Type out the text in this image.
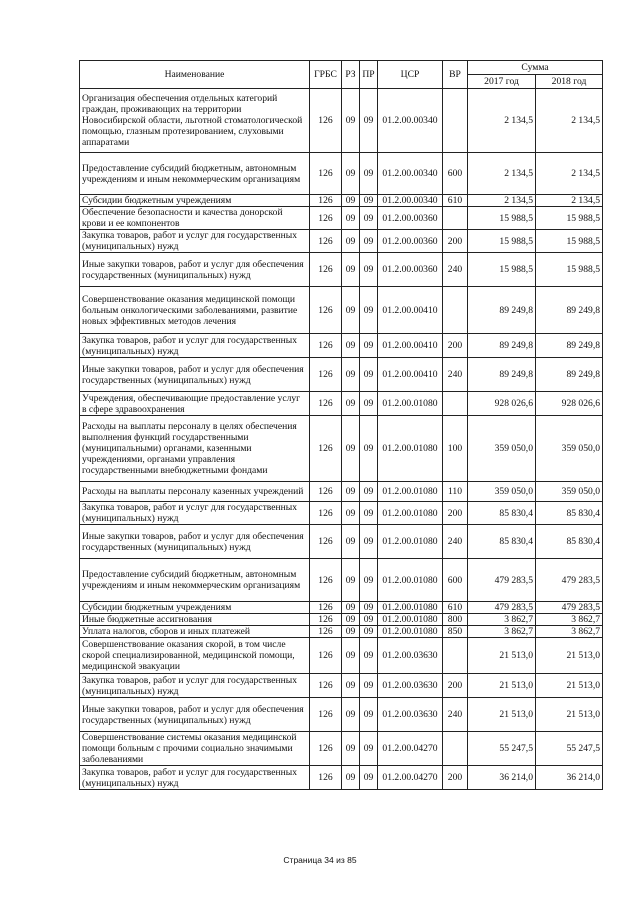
Наименование	ГРБС	РЗ	ПР	ЦСР	ВР	Сумма	
						2017 год	2018 год
Организация обеспечения отдельных категорий граждан, проживающих на территории Новосибирской области, льготной стоматологической помощью, глазным протезированием, слуховыми аппаратами	126	09	09	01.2.00.00340		2 134,5	2 134,5
Предоставление субсидий бюджетным, автономным учреждениям и иным некоммерческим организациям	126	09	09	01.2.00.00340	600	2 134,5	2 134,5
Субсидии бюджетным учреждениям	126	09	09	01.2.00.00340	610	2 134,5	2 134,5
Обеспечение безопасности и качества донорской крови и ее компонентов	126	09	09	01.2.00.00360		15 988,5	15 988,5
Закупка товаров, работ и услуг для государственных (муниципальных) нужд	126	09	09	01.2.00.00360	200	15 988,5	15 988,5
Иные закупки товаров, работ и услуг для обеспечения государственных (муниципальных) нужд	126	09	09	01.2.00.00360	240	15 988,5	15 988,5
Совершенствование оказания медицинской помощи больным онкологическими заболеваниями, развитие новых эффективных методов лечения	126	09	09	01.2.00.00410		89 249,8	89 249,8
Закупка товаров, работ и услуг для государственных (муниципальных) нужд	126	09	09	01.2.00.00410	200	89 249,8	89 249,8
Иные закупки товаров, работ и услуг для обеспечения государственных (муниципальных) нужд	126	09	09	01.2.00.00410	240	89 249,8	89 249,8
Учреждения, обеспечивающие предоставление услуг в сфере здравоохранения	126	09	09	01.2.00.01080		928 026,6	928 026,6
Расходы на выплаты персоналу в целях обеспечения выполнения функций государственными (муниципальными) органами, казенными учреждениями, органами управления государственными внебюджетными фондами	126	09	09	01.2.00.01080	100	359 050,0	359 050,0
Расходы на выплаты персоналу казенных учреждений	126	09	09	01.2.00.01080	110	359 050,0	359 050,0
Закупка товаров, работ и услуг для государственных (муниципальных) нужд	126	09	09	01.2.00.01080	200	85 830,4	85 830,4
Иные закупки товаров, работ и услуг для обеспечения государственных (муниципальных) нужд	126	09	09	01.2.00.01080	240	85 830,4	85 830,4
Предоставление субсидий бюджетным, автономным учреждениям и иным некоммерческим организациям	126	09	09	01.2.00.01080	600	479 283,5	479 283,5
Субсидии бюджетным учреждениям	126	09	09	01.2.00.01080	610	479 283,5	479 283,5
Иные бюджетные ассигнования	126	09	09	01.2.00.01080	800	3 862,7	3 862,7
Уплата налогов, сборов и иных платежей	126	09	09	01.2.00.01080	850	3 862,7	3 862,7
Совершенствование оказания скорой, в том числе скорой специализированной, медицинской помощи, медицинской эвакуации	126	09	09	01.2.00.03630		21 513,0	21 513,0
Закупка товаров, работ и услуг для государственных (муниципальных) нужд	126	09	09	01.2.00.03630	200	21 513,0	21 513,0
Иные закупки товаров, работ и услуг для обеспечения государственных (муниципальных) нужд	126	09	09	01.2.00.03630	240	21 513,0	21 513,0
Совершенствование системы оказания медицинской помощи больным с прочими социально значимыми заболеваниями	126	09	09	01.2.00.04270		55 247,5	55 247,5
Закупка товаров, работ и услуг для государственных (муниципальных) нужд	126	09	09	01.2.00.04270	200	36 214,0	36 214,0
Страница 34 из 85
